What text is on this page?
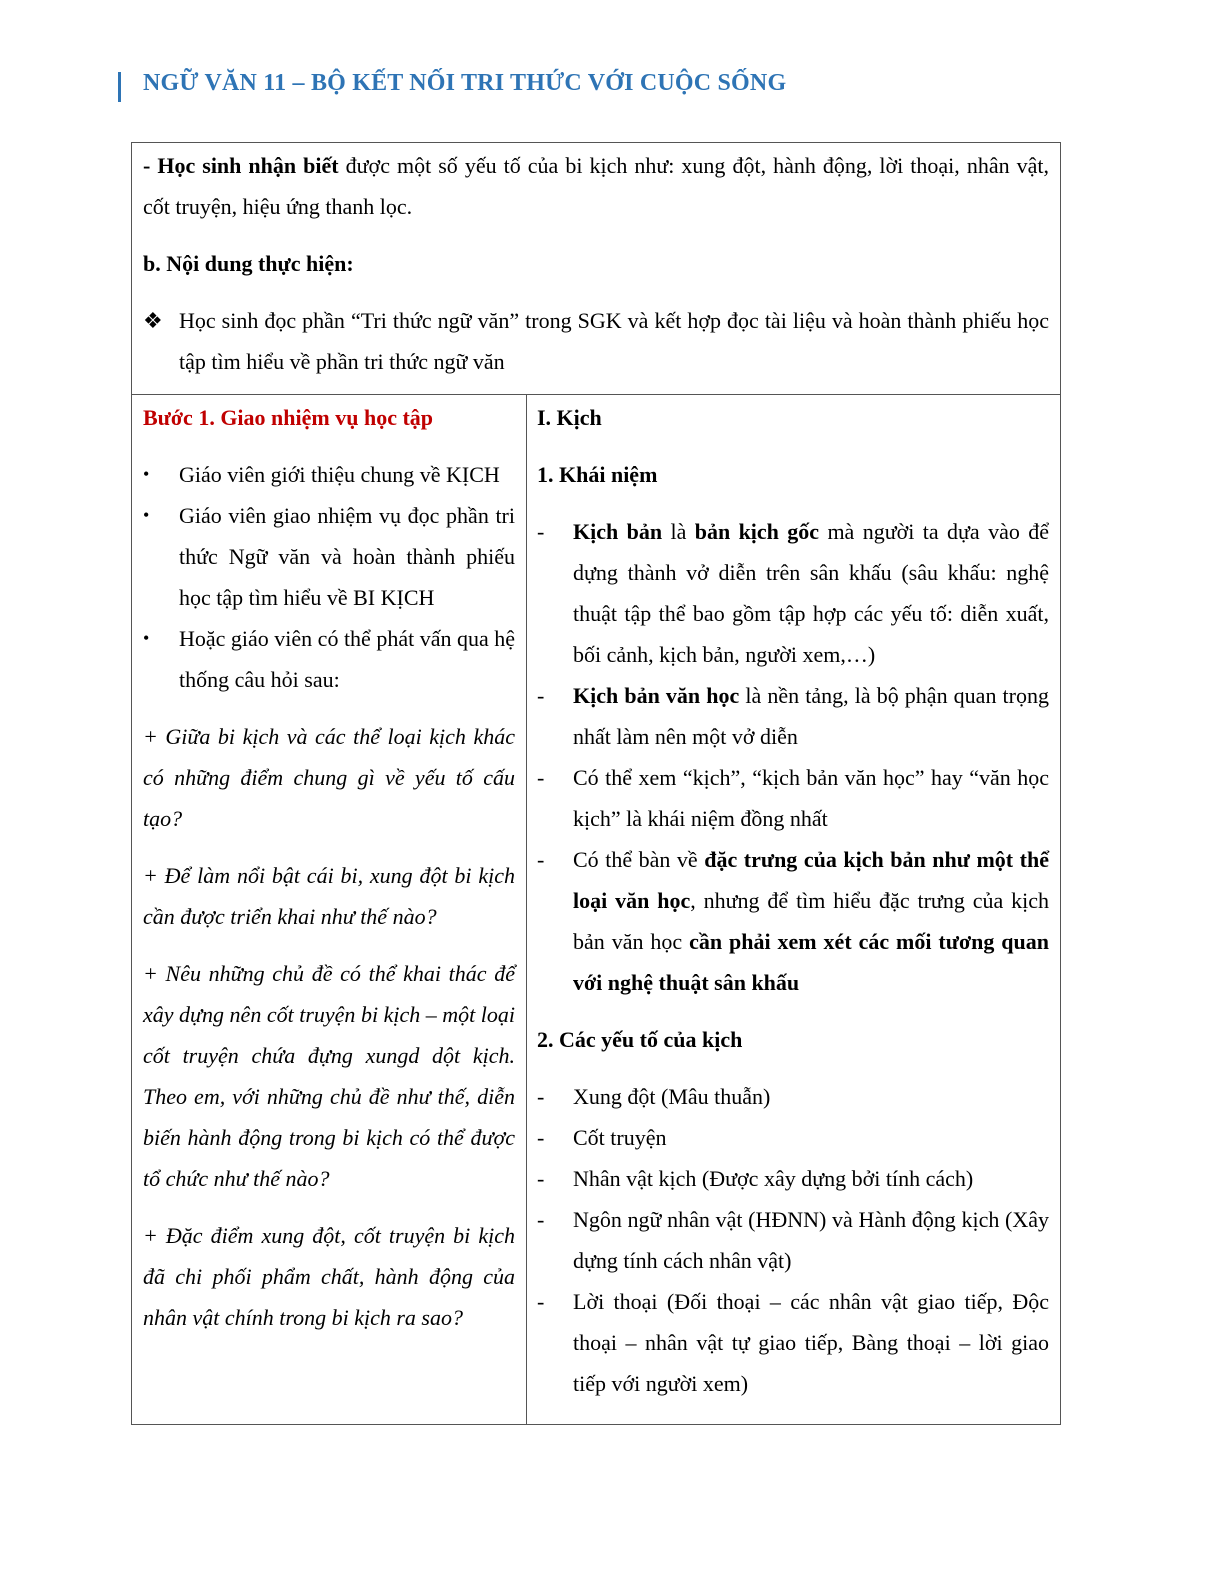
NGỮ VĂN 11 – BỘ KẾT NỐI TRI THỨC VỚI CUỘC SỐNG

- Học sinh nhận biết được một số yếu tố của bi kịch như: xung đột, hành động, lời thoại, nhân vật, cốt truyện, hiệu ứng thanh lọc.

b. Nội dung thực hiện:

❖ Học sinh đọc phần “Tri thức ngữ văn” trong SGK và kết hợp đọc tài liệu và hoàn thành phiếu học tập tìm hiểu về phần tri thức ngữ văn

Bước 1. Giao nhiệm vụ học tập

•	Giáo viên giới thiệu chung về KỊCH
•	Giáo viên giao nhiệm vụ đọc phần tri thức Ngữ văn và hoàn thành phiếu học tập tìm hiểu về BI KỊCH
•	Hoặc giáo viên có thể phát vấn qua hệ thống câu hỏi sau:

+ Giữa bi kịch và các thể loại kịch khác có những điểm chung gì về yếu tố cấu tạo?

+ Để làm nổi bật cái bi, xung đột bi kịch cần được triển khai như thế nào?

+ Nêu những chủ đề có thể khai thác để xây dựng nên cốt truyện bi kịch – một loại cốt truyện chứa đựng xungd dột kịch. Theo em, với những chủ đề như thế, diễn biến hành động trong bi kịch có thể được tổ chức như thế nào?

+ Đặc điểm xung đột, cốt truyện bi kịch đã chi phối phẩm chất, hành động của nhân vật chính trong bi kịch ra sao?

I. Kịch

1. Khái niệm

-	Kịch bản là bản kịch gốc mà người ta dựa vào để dựng thành vở diễn trên sân khấu (sâu khấu: nghệ thuật tập thể bao gồm tập hợp các yếu tố: diễn xuất, bối cảnh, kịch bản, người xem,…)
-	Kịch bản văn học là nền tảng, là bộ phận quan trọng nhất làm nên một vở diễn
-	Có thể xem “kịch”, “kịch bản văn học” hay “văn học kịch” là khái niệm đồng nhất
-	Có thể bàn về đặc trưng của kịch bản như một thể loại văn học, nhưng để tìm hiểu đặc trưng của kịch bản văn học cần phải xem xét các mối tương quan với nghệ thuật sân khấu

2. Các yếu tố của kịch

-	Xung đột (Mâu thuẫn)
-	Cốt truyện
-	Nhân vật kịch (Được xây dựng bởi tính cách)
-	Ngôn ngữ nhân vật (HĐNN) và Hành động kịch (Xây dựng tính cách nhân vật)
-	Lời thoại (Đối thoại – các nhân vật giao tiếp, Độc thoại – nhân vật tự giao tiếp, Bàng thoại – lời giao tiếp với người xem)
